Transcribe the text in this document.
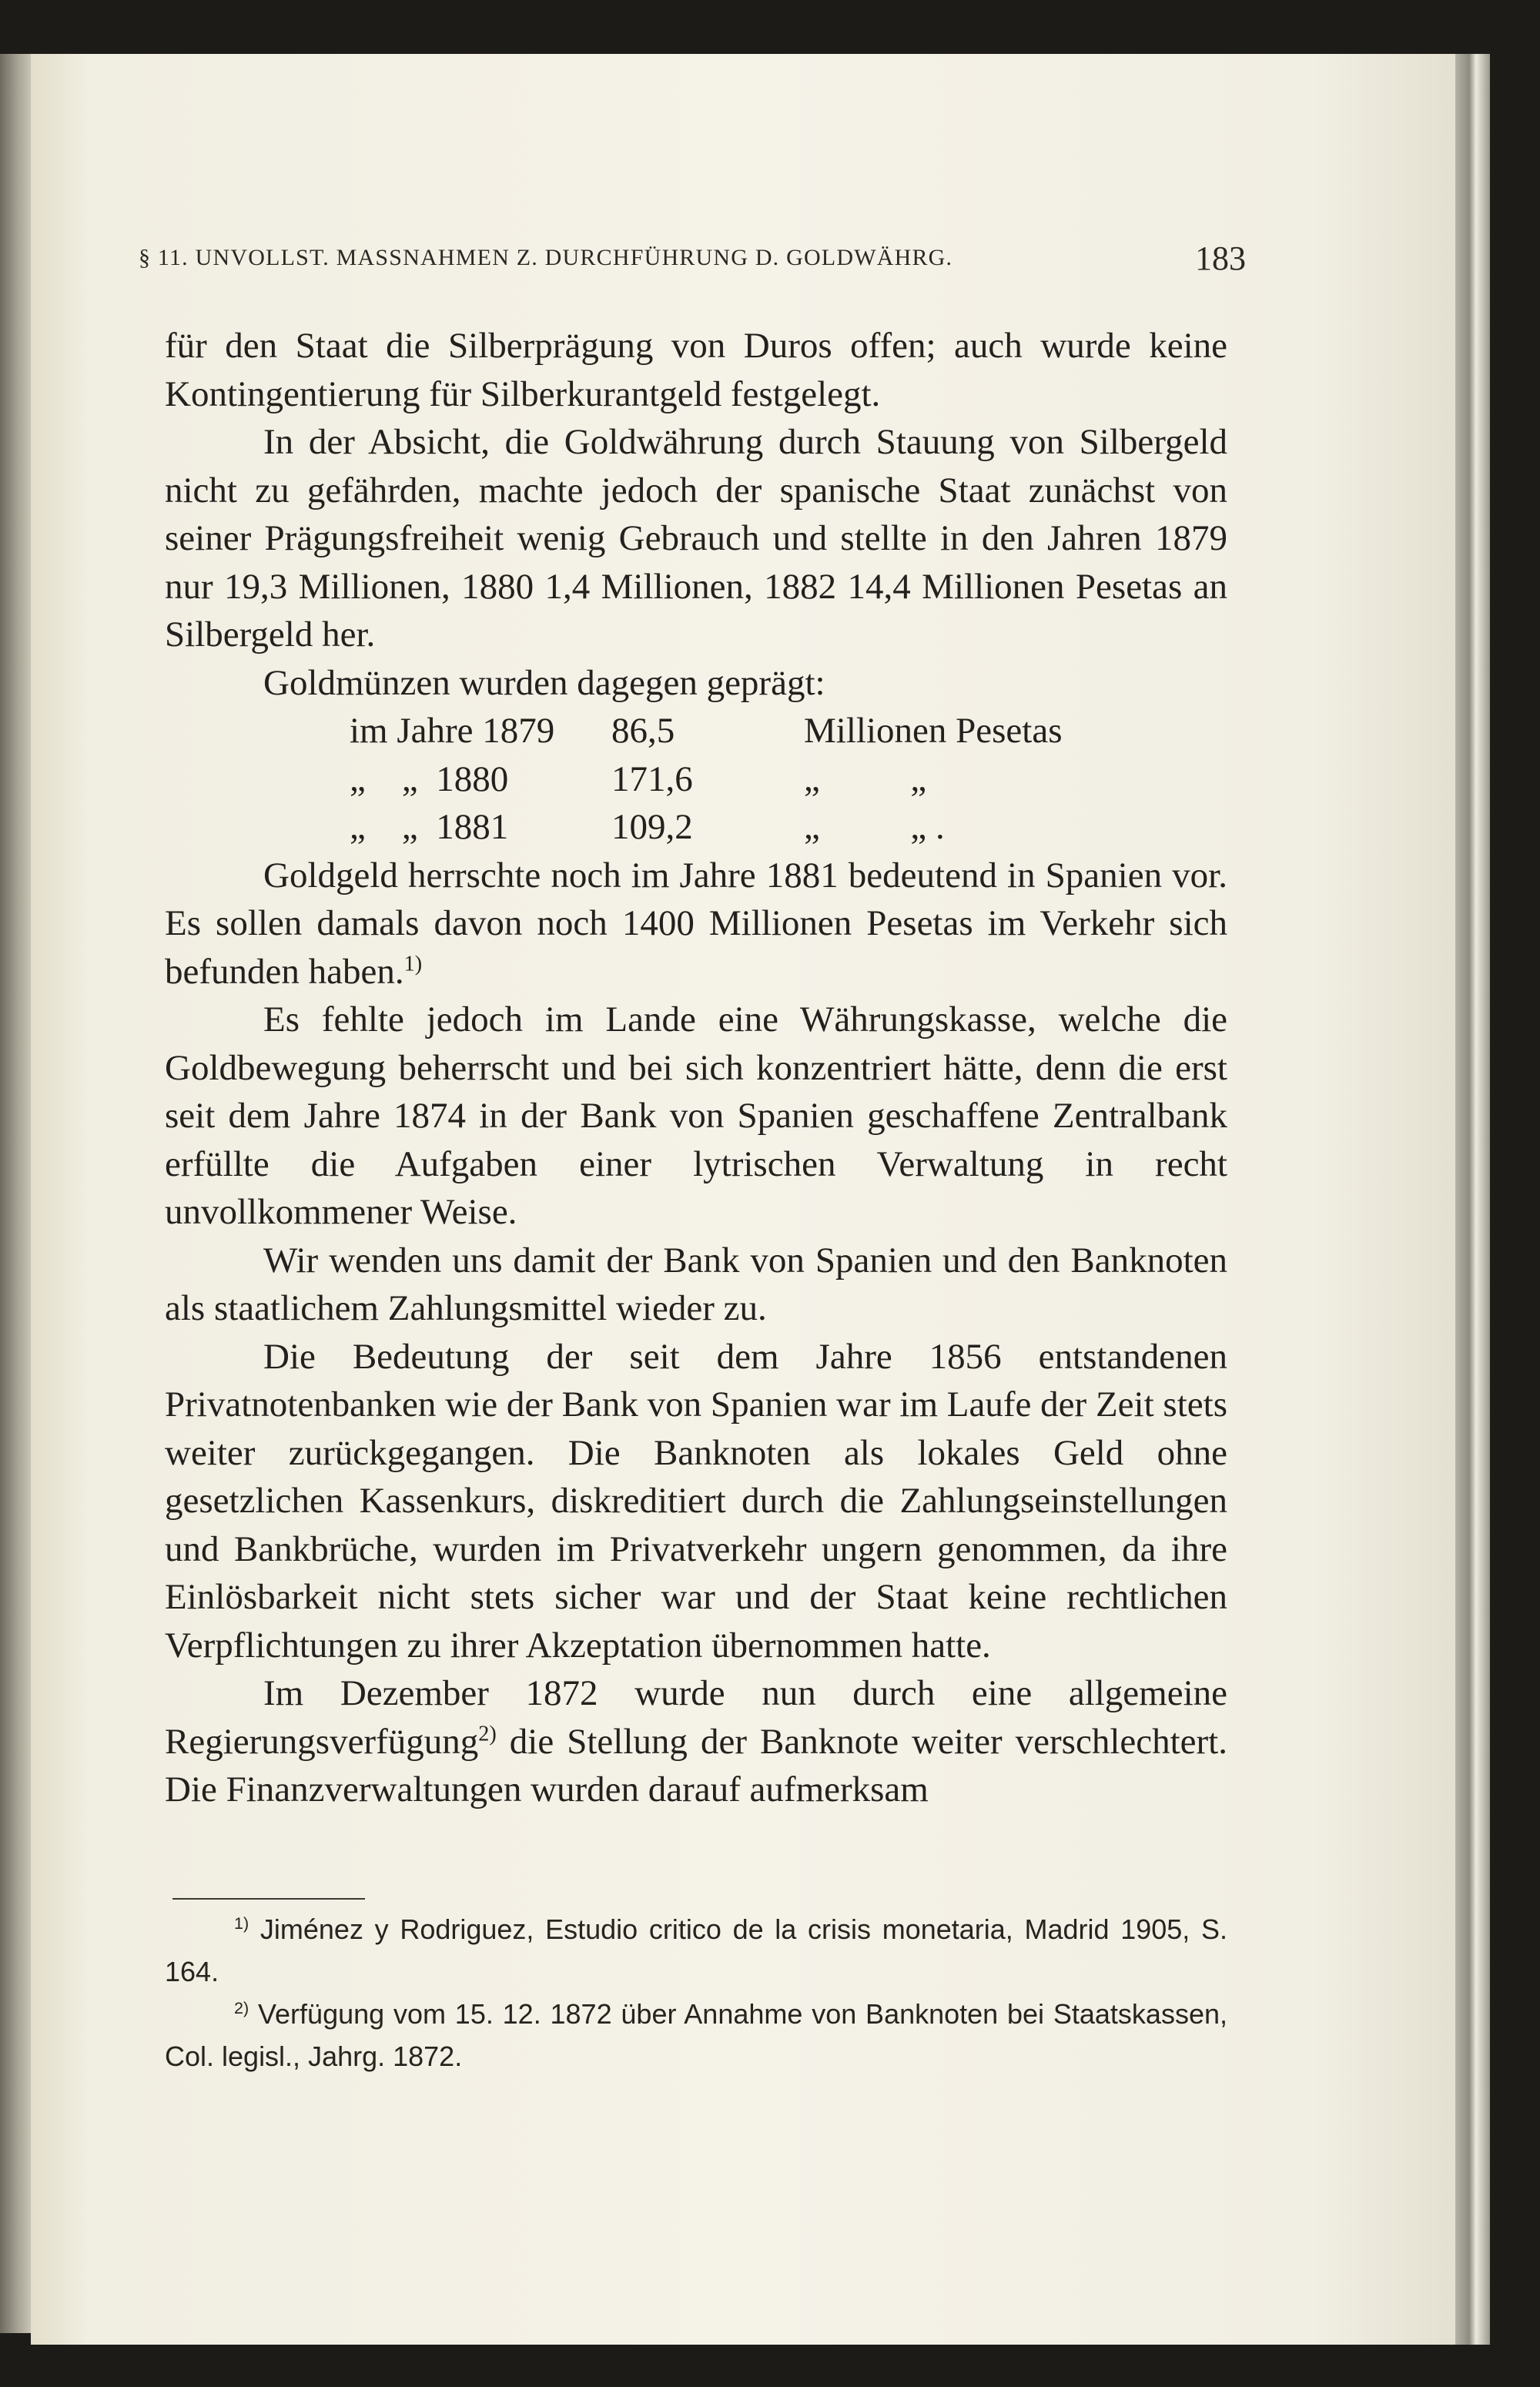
§ 11. UNVOLLST. MASSNAHMEN Z. DURCHFÜHRUNG D. GOLDWÄHRG.	183

für den Staat die Silberprägung von Duros offen; auch wurde keine Kontingentierung für Silberkurantgeld festgelegt.

In der Absicht, die Goldwährung durch Stauung von Silbergeld nicht zu gefährden, machte jedoch der spanische Staat zunächst von seiner Prägungsfreiheit wenig Gebrauch und stellte in den Jahren 1879 nur 19,3 Millionen, 1880 1,4 Millionen, 1882 14,4 Millionen Pesetas an Silbergeld her.

Goldmünzen wurden dagegen geprägt:

im Jahre 1879	86,5	Millionen Pesetas
„    „  1880	171,6	„          „
„    „  1881	109,2	„          „ .

Goldgeld herrschte noch im Jahre 1881 bedeutend in Spanien vor. Es sollen damals davon noch 1400 Millionen Pesetas im Verkehr sich befunden haben.$^{1)}$

Es fehlte jedoch im Lande eine Währungskasse, welche die Goldbewegung beherrscht und bei sich konzentriert hätte, denn die erst seit dem Jahre 1874 in der Bank von Spanien geschaffene Zentralbank erfüllte die Aufgaben einer lytrischen Verwaltung in recht unvollkommener Weise.

Wir wenden uns damit der Bank von Spanien und den Banknoten als staatlichem Zahlungsmittel wieder zu.

Die Bedeutung der seit dem Jahre 1856 entstandenen Privatnotenbanken wie der Bank von Spanien war im Laufe der Zeit stets weiter zurückgegangen. Die Banknoten als lokales Geld ohne gesetzlichen Kassenkurs, diskreditiert durch die Zahlungseinstellungen und Bankbrüche, wurden im Privatverkehr ungern genommen, da ihre Einlösbarkeit nicht stets sicher war und der Staat keine rechtlichen Verpflichtungen zu ihrer Akzeptation übernommen hatte.

Im Dezember 1872 wurde nun durch eine allgemeine Regierungsverfügung$^{2)}$ die Stellung der Banknote weiter verschlechtert. Die Finanzverwaltungen wurden darauf aufmerksam

$^{1)}$ Jiménez y Rodriguez, Estudio critico de la crisis monetaria, Madrid 1905, S. 164.

$^{2)}$ Verfügung vom 15. 12. 1872 über Annahme von Banknoten bei Staatskassen, Col. legisl., Jahrg. 1872.
